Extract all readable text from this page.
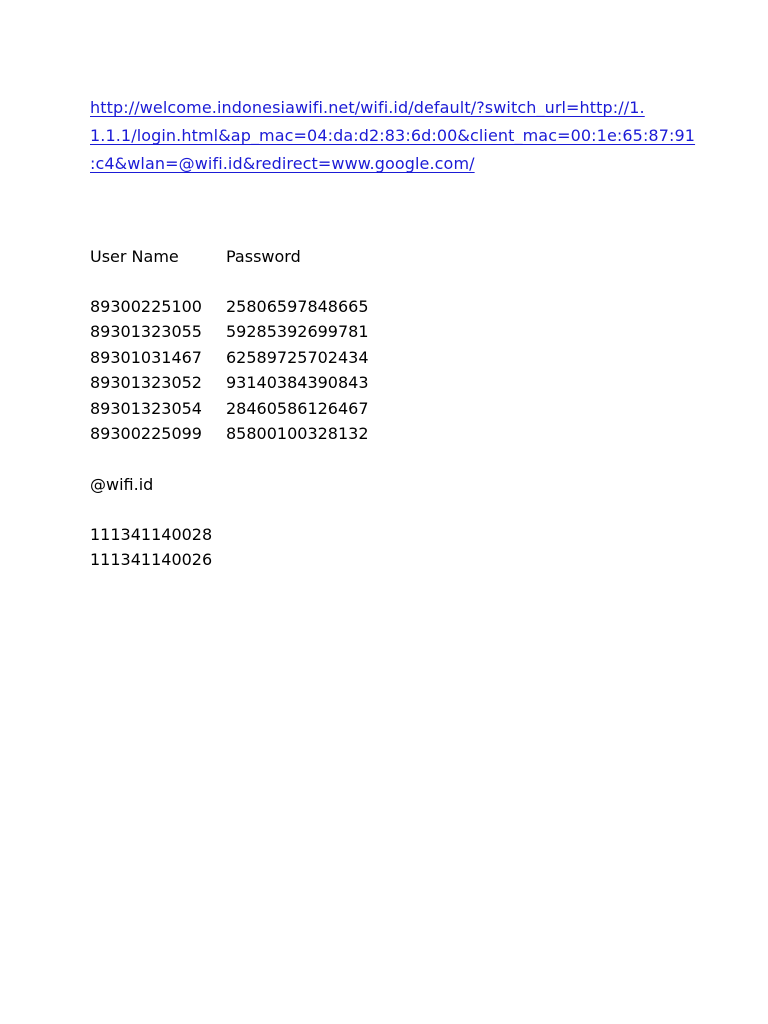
http://welcome.indonesiawifi.net/wifi.id/default/?switch_url=http://1.
1.1.1/login.html&ap_mac=04:da:d2:83:6d:00&client_mac=00:1e:65:87:91
:c4&wlan=@wifi.id&redirect=www.google.com/
User Name	Password
89300225100 25806597848665
89301323055 59285392699781
89301031467 62589725702434
89301323052 93140384390843
89301323054 28460586126467
89300225099 85800100328132
@wifi.id
111341140028
111341140026
